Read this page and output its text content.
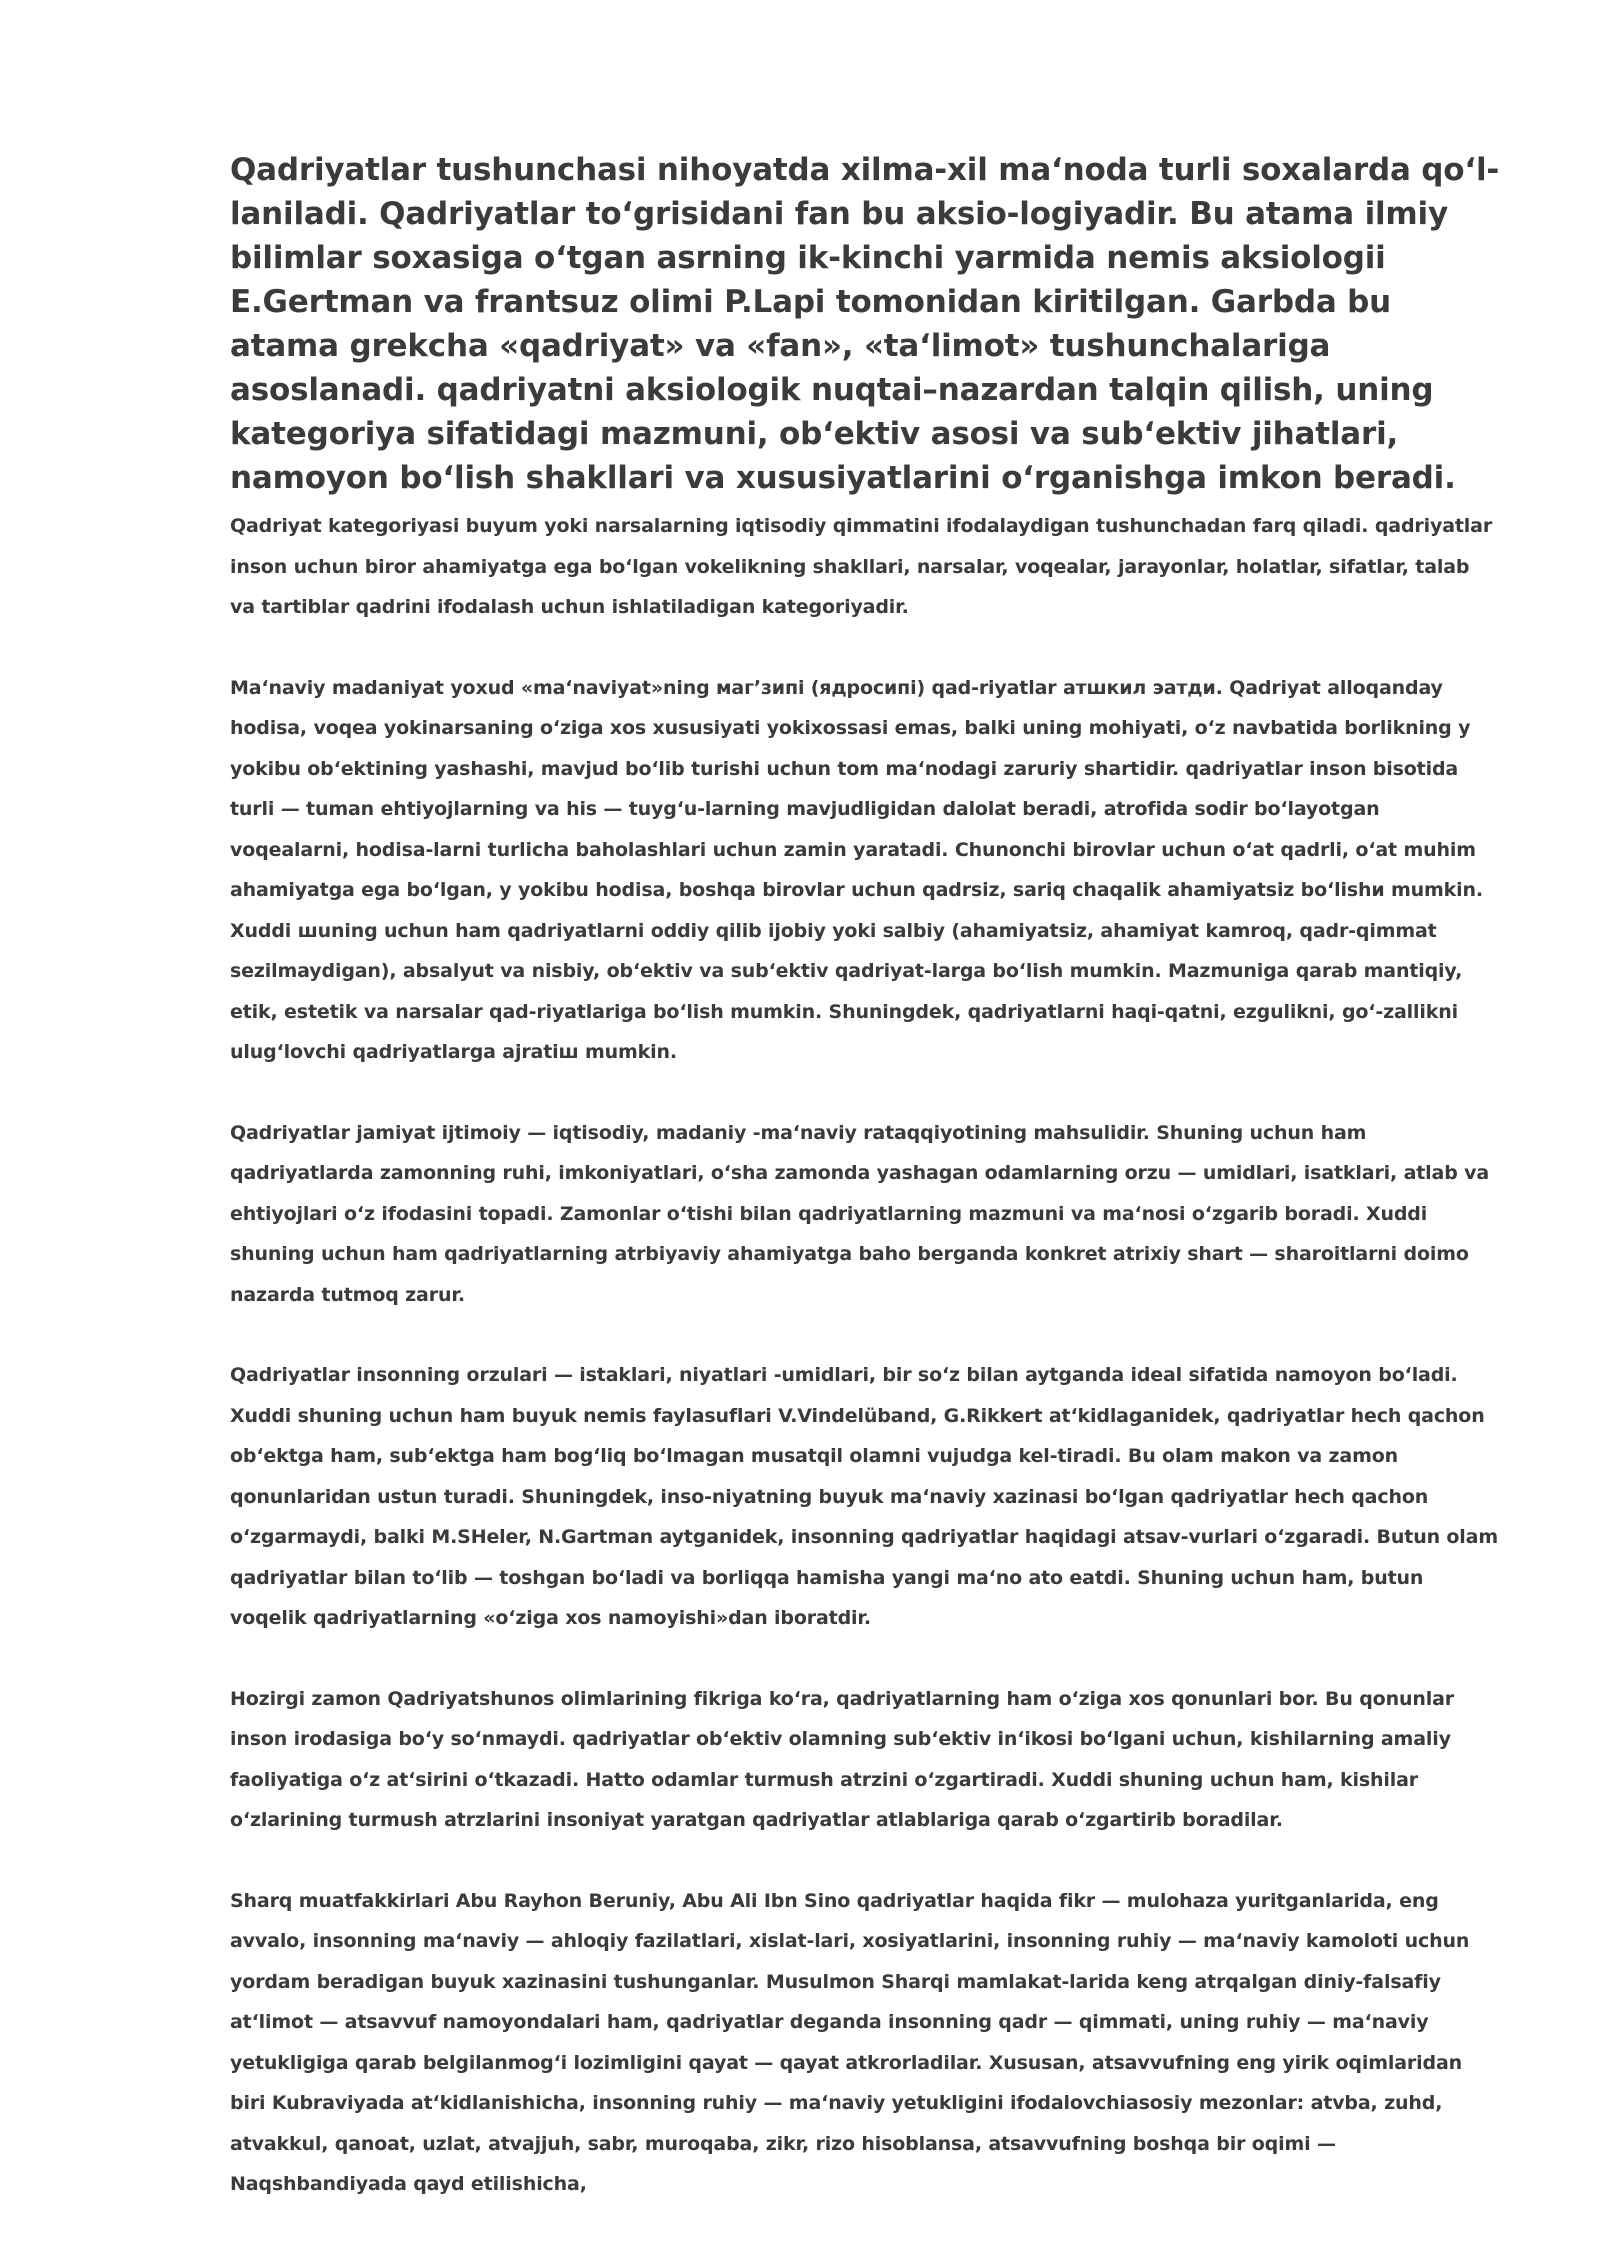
Qadriyatlar tushunchasi nihoyatda xilma-xil maʻnoda turli soxalarda qoʻl-laniladi. Qadriyatlar toʻgrisidani fan bu aksio-logiyadir. Bu atama ilmiy bilimlar soxasiga oʻtgan asrning ik-kinchi yarmida nemis aksiologii E.Gertman va frantsuz olimi P.Lapi tomonidan kiritilgan. Garbda bu atama grekcha «qadriyat» va «fan», «taʻlimot» tushunchalariga asoslanadi. qadriyatni aksiologik nuqtai–nazardan talqin qilish, uning kategoriya sifatidagi mazmuni, obʻektiv asosi va subʻektiv jihatlari, namoyon boʻlish shakllari va xususiyatlarini oʻrganishga imkon beradi.

Qadriyat kategoriyasi buyum yoki narsalarning iqtisodiy qimmatini ifodalaydigan tushunchadan farq qiladi. qadriyatlar inson uchun biror ahamiyatga ega boʻlgan vokelikning shakllari, narsalar, voqealar, jarayonlar, holatlar, sifatlar, talab va tartiblar qadrini ifodalash uchun ishlatiladigan kategoriyadir.

Maʻnaviy madaniyat yoxud «maʻnaviyat»ning магʼзипi (ядросипi) qad-riyatlar атшкил эатди. Qadriyat alloqanday hodisa, voqea yokinarsaning oʻziga xos xususiyati yokixossasi emas, balki uning mohiyati, oʻz navbatida borlikning y yokibu obʻektining yashashi, mavjud boʻlib turishi uchun tom maʻnodagi zaruriy shartidir. qadriyatlar inson bisotida turli — tuman ehtiyojlarning va his — tuygʻu-larning mavjudligidan dalolat beradi, atrofida sodir boʻlayotgan voqealarni, hodisa-larni turlicha baholashlari uchun zamin yaratadi. Chunonchi birovlar uchun oʻat qadrli, oʻat muhim ahamiyatga ega boʻlgan, y yokibu hodisa, boshqa birovlar uchun qadrsiz, sariq chaqalik ahamiyatsiz boʻlishи mumkin. Xuddi шuning uchun ham qadriyatlarni oddiy qilib ijobiy yoki salbiy (ahamiyatsiz, ahamiyat kamroq, qadr-qimmat sezilmaydigan), absalyut va nisbiy, obʻektiv va subʻektiv qadriyat-larga boʻlish mumkin. Mazmuniga qarab mantiqiy, etik, estetik va narsalar qad-riyatlariga boʻlish mumkin. Shuningdek, qadriyatlarni haqi-qatni, ezgulikni, goʻ-zallikni ulugʻlovchi qadriyatlarga ajratiш mumkin.

Qadriyatlar jamiyat ijtimoiy — iqtisodiy, madaniy -maʻnaviy rataqqiyotining mahsulidir. Shuning uchun ham qadriyatlarda zamonning ruhi, imkoniyatlari, oʻsha zamonda yashagan odamlarning orzu — umidlari, isatklari, atlab va ehtiyojlari oʻz ifodasini topadi. Zamonlar oʻtishi bilan qadriyatlarning mazmuni va maʻnosi oʻzgarib boradi. Xuddi shuning uchun ham qadriyatlarning atrbiyaviy ahamiyatga baho berganda konkret atrixiy shart — sharoitlarni doimo nazarda tutmoq zarur.

Qadriyatlar insonning orzulari — istaklari, niyatlari -umidlari, bir soʻz bilan aytganda ideal sifatida namoyon boʻladi. Xuddi shuning uchun ham buyuk nemis faylasuflari V.Vindelüband, G.Rikkert atʻkidlaganidek, qadriyatlar hech qachon obʻektga ham, subʻektga ham bogʻliq boʻlmagan musatqil olamni vujudga kel-tiradi. Bu olam makon va zamon qonunlaridan ustun turadi. Shuningdek, inso-niyatning buyuk maʻnaviy xazinasi boʻlgan qadriyatlar hech qachon oʻzgarmaydi, balki M.SHeler, N.Gartman aytganidek, insonning qadriyatlar haqidagi atsav-vurlari oʻzgaradi. Butun olam qadriyatlar bilan toʻlib — toshgan boʻladi va borliqqa hamisha yangi maʻno ato eatdi. Shuning uchun ham, butun voqelik qadriyatlarning «oʻziga xos namoyishi»dan iboratdir.

Hozirgi zamon Qadriyatshunos olimlarining fikriga koʻra, qadriyatlarning ham oʻziga xos qonunlari bor. Bu qonunlar inson irodasiga boʻy soʻnmaydi. qadriyatlar obʻektiv olamning subʻektiv inʻikosi boʻlgani uchun, kishilarning amaliy faoliyatiga oʻz atʻsirini oʻtkazadi. Hatto odamlar turmush atrzini oʻzgartiradi. Xuddi shuning uchun ham, kishilar oʻzlarining turmush atrzlarini insoniyat yaratgan qadriyatlar atlablariga qarab oʻzgartirib boradilar.

Sharq muatfakkirlari Abu Rayhon Beruniy, Abu Ali Ibn Sino qadriyatlar haqida fikr — mulohaza yuritganlarida, eng avvalo, insonning maʻnaviy — ahloqiy fazilatlari, xislat-lari, xosiyatlarini, insonning ruhiy — maʻnaviy kamoloti uchun yordam beradigan buyuk xazinasini tushunganlar. Musulmon Sharqi mamlakat-larida keng atrqalgan diniy-falsafiy atʻlimot — atsavvuf namoyondalari ham, qadriyatlar deganda insonning qadr — qimmati, uning ruhiy — maʻnaviy yetukligiga qarab belgilanmogʻi lozimligini qayat — qayat atkrorladilar. Xususan, atsavvufning eng yirik oqimlaridan biri Kubraviyada atʻkidlanishicha, insonning ruhiy — maʻnaviy yetukligini ifodalovchiasosiy mezonlar: atvba, zuhd, atvakkul, qanoat, uzlat, atvajjuh, sabr, muroqaba, zikr, rizo hisoblansa, atsavvufning boshqa bir oqimi — Naqshbandiyada qayd etilishicha,
